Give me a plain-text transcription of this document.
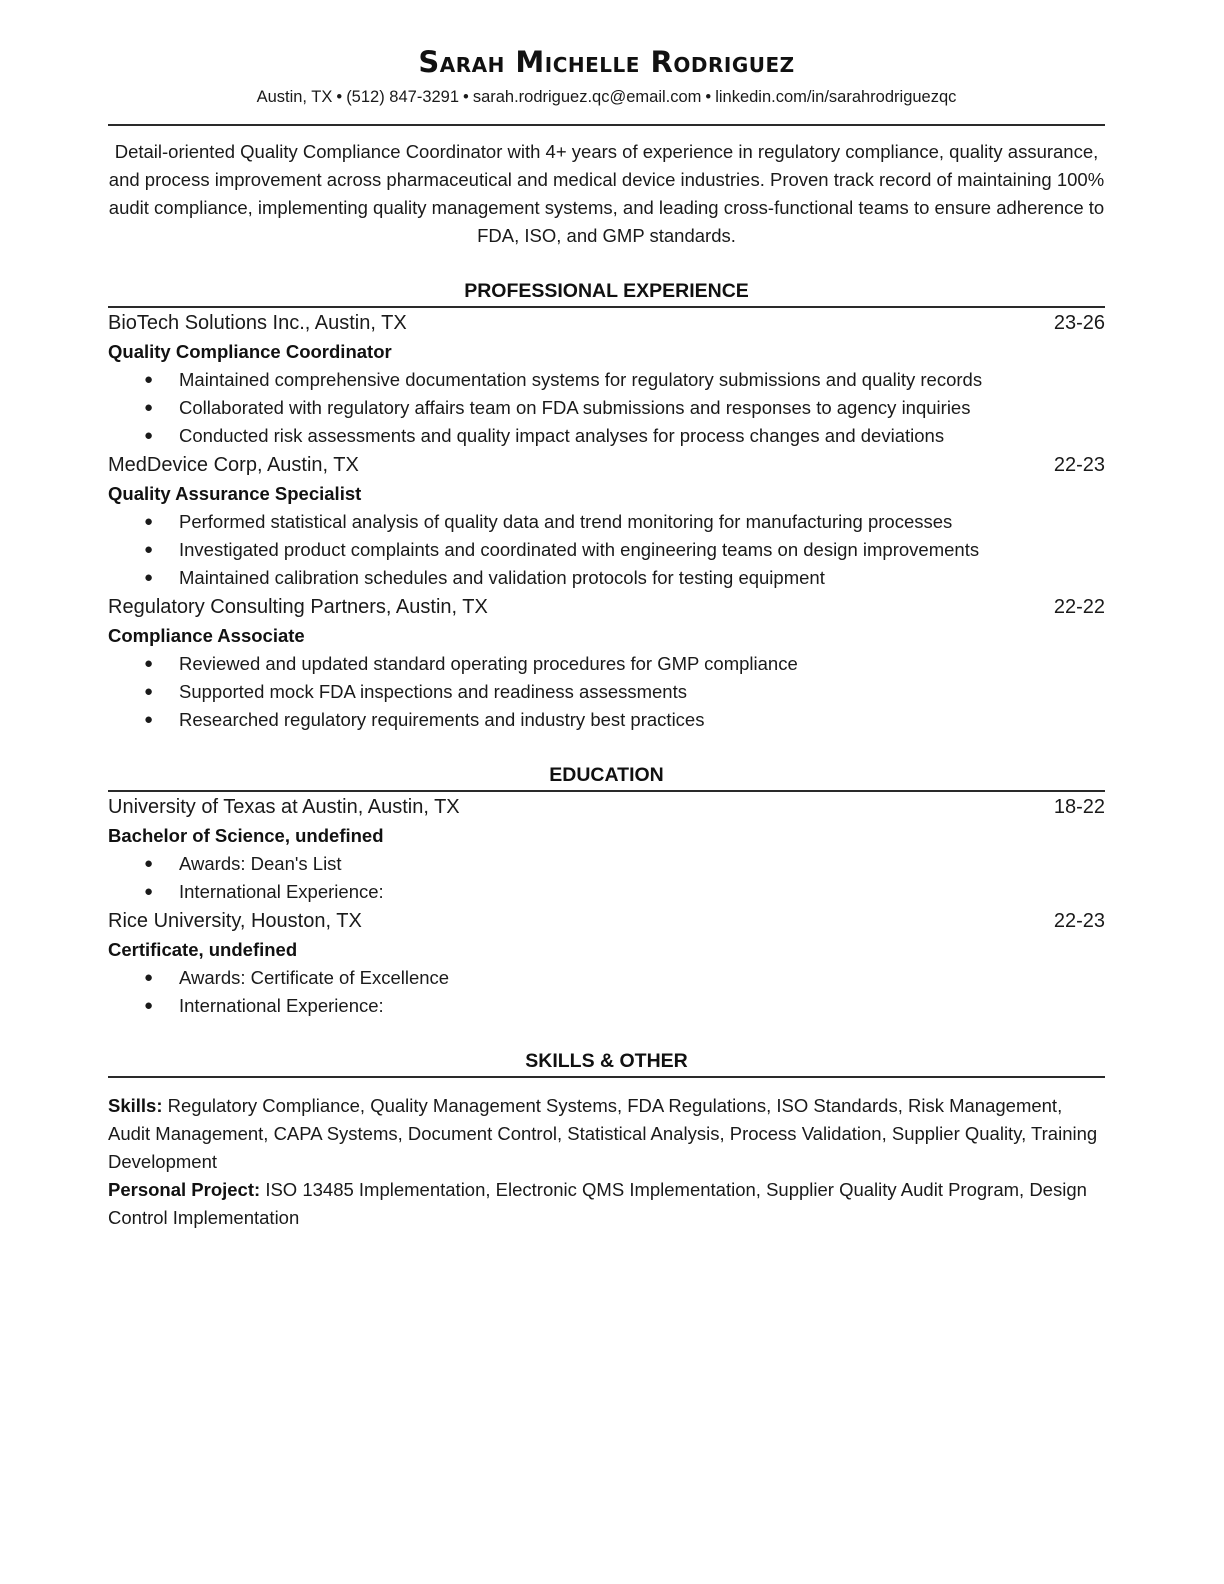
Sarah Michelle Rodriguez

Austin, TX • (512) 847-3291 • sarah.rodriguez.qc@email.com • linkedin.com/in/sarahrodriguezqc

Detail-oriented Quality Compliance Coordinator with 4+ years of experience in regulatory compliance, quality assurance, and process improvement across pharmaceutical and medical device industries. Proven track record of maintaining 100% audit compliance, implementing quality management systems, and leading cross-functional teams to ensure adherence to FDA, ISO, and GMP standards.

PROFESSIONAL EXPERIENCE
BioTech Solutions Inc., Austin, TX	23-26

Quality Compliance Coordinator

● Maintained comprehensive documentation systems for regulatory submissions and quality records
● Collaborated with regulatory affairs team on FDA submissions and responses to agency inquiries
● Conducted risk assessments and quality impact analyses for process changes and deviations
MedDevice Corp, Austin, TX	22-23

Quality Assurance Specialist

● Performed statistical analysis of quality data and trend monitoring for manufacturing processes
● Investigated product complaints and coordinated with engineering teams on design improvements
● Maintained calibration schedules and validation protocols for testing equipment
Regulatory Consulting Partners, Austin, TX	22-22

Compliance Associate

● Reviewed and updated standard operating procedures for GMP compliance
● Supported mock FDA inspections and readiness assessments
● Researched regulatory requirements and industry best practices
EDUCATION
University of Texas at Austin, Austin, TX	18-22

Bachelor of Science, undefined

● Awards: Dean's List
● International Experience:
Rice University, Houston, TX	22-23

Certificate, undefined

● Awards: Certificate of Excellence
● International Experience:
SKILLS & OTHER

Skills: Regulatory Compliance, Quality Management Systems, FDA Regulations, ISO Standards, Risk Management, Audit Management, CAPA Systems, Document Control, Statistical Analysis, Process Validation, Supplier Quality, Training Development

Personal Project: ISO 13485 Implementation, Electronic QMS Implementation, Supplier Quality Audit Program, Design Control Implementation
